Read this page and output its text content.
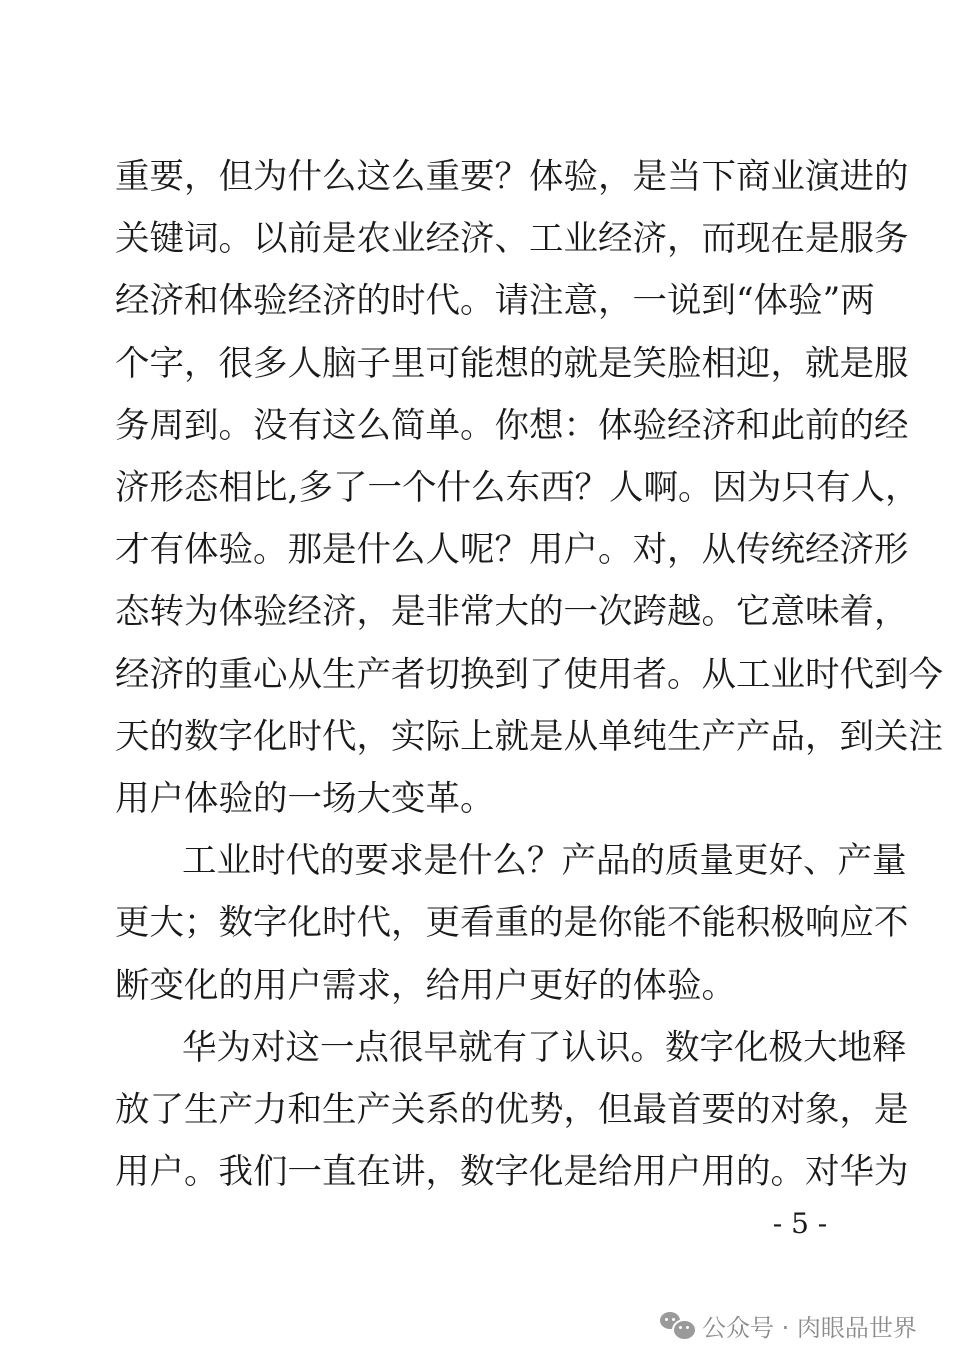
重要，但为什么这么重要？体验，是当下商业演进的
关键词。以前是农业经济、工业经济，而现在是服务
经济和体验经济的时代。请注意，一说到“体验”两
个字，很多人脑子里可能想的就是笑脸相迎，就是服
务周到。没有这么简单。你想：体验经济和此前的经
济形态相比,多了一个什么东西？人啊。因为只有人，
才有体验。那是什么人呢？用户。对，从传统经济形
态转为体验经济，是非常大的一次跨越。它意味着，
经济的重心从生产者切换到了使用者。从工业时代到今
天的数字化时代，实际上就是从单纯生产产品，到关注
用户体验的一场大变革。
工业时代的要求是什么？产品的质量更好、产量
更大；数字化时代，更看重的是你能不能积极响应不
断变化的用户需求，给用户更好的体验。
华为对这一点很早就有了认识。数字化极大地释
放了生产力和生产关系的优势，但最首要的对象，是
用户。我们一直在讲，数字化是给用户用的。对华为
- 5 -
公众号 · 肉眼品世界
